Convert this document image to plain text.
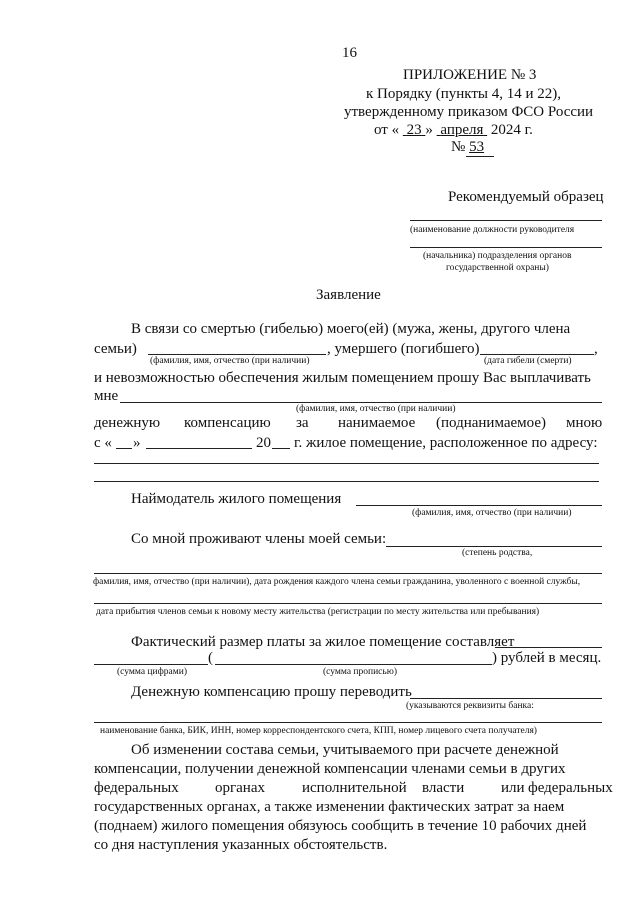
16
ПРИЛОЖЕНИЕ № 3
к Порядку (пункты 4, 14 и 22),
утвержденному приказом ФСО России
от « 23 » апреля 2024 г.
№ 53
Рекомендуемый образец
(наименование должности руководителя
(начальника) подразделения органов
государственной охраны)
Заявление
В связи со смертью (гибелью) моего(ей) (мужа, жены, другого члена
семьи)	, умершего (погибшего)	,
(фамилия, имя, отчество (при наличии)	(дата гибели (смерти)
и невозможностью обеспечения жилым помещением прошу Вас выплачивать
мне
(фамилия, имя, отчество (при наличии)
денежную компенсацию за нанимаемое (поднанимаемое) мною
с « »	20 г. жилое помещение, расположенное по адресу:
Наймодатель жилого помещения
(фамилия, имя, отчество (при наличии)
Со мной проживают члены моей семьи:
(степень родства,
фамилия, имя, отчество (при наличии), дата рождения каждого члена семьи гражданина, уволенного с военной службы,
дата прибытия членов семьи к новому месту жительства (регистрации по месту жительства или пребывания)
Фактический размер платы за жилое помещение составляет
(	) рублей в месяц.
(сумма цифрами)	(сумма прописью)
Денежную компенсацию прошу переводить
(указываются реквизиты банка:
наименование банка, БИК, ИНН, номер корреспондентского счета, КПП, номер лицевого счета получателя)
Об изменении состава семьи, учитываемого при расчете денежной
компенсации, получении денежной компенсации членами семьи в других
федеральных органах исполнительной власти или федеральных
государственных органах, а также изменении фактических затрат за наем
(поднаем) жилого помещения обязуюсь сообщить в течение 10 рабочих дней
со дня наступления указанных обстоятельств.
